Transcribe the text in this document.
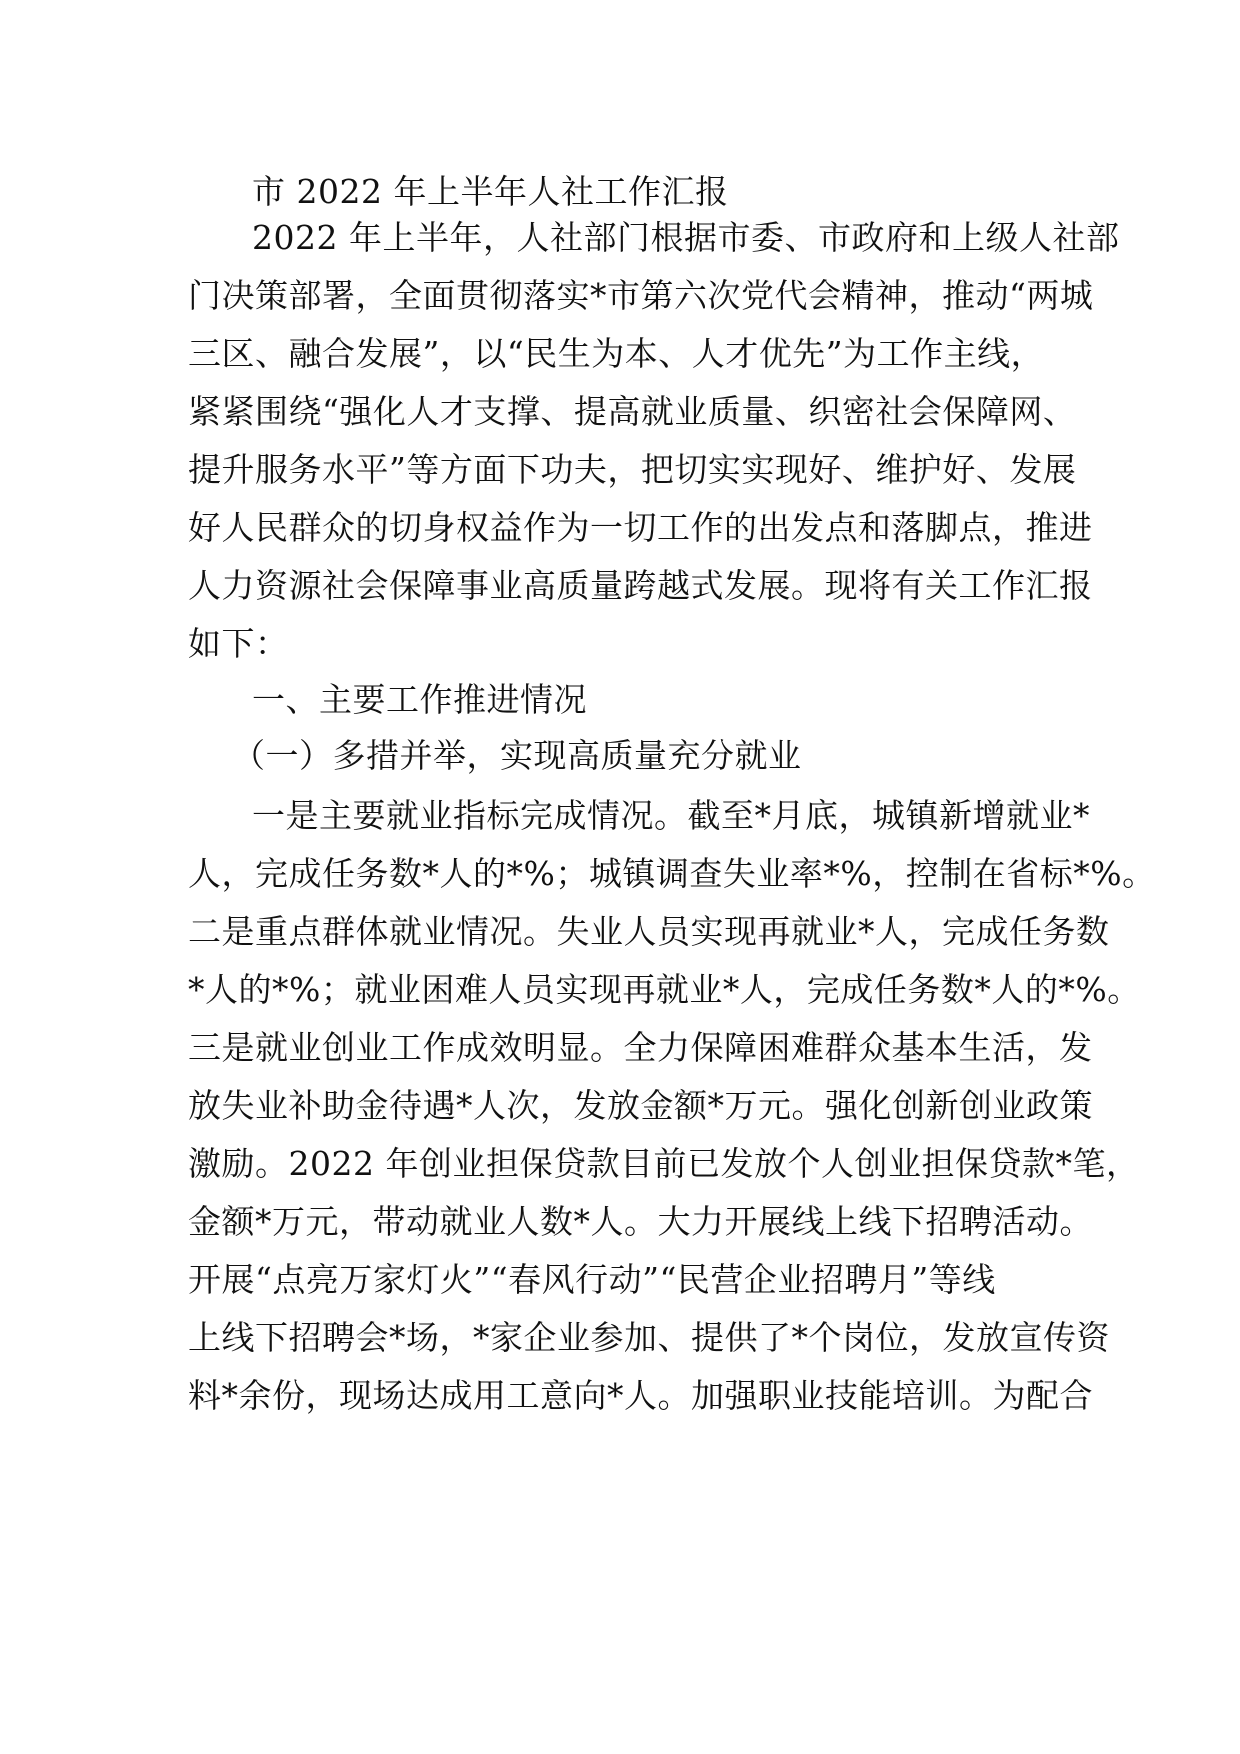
市 2022 年上半年人社工作汇报
2022 年上半年，人社部门根据市委、市政府和上级人社部
门决策部署，全面贯彻落实*市第六次党代会精神，推动“两城
三区、融合发展”，以“民生为本、人才优先”为工作主线，
紧紧围绕“强化人才支撑、提高就业质量、织密社会保障网、
提升服务水平”等方面下功夫，把切实实现好、维护好、发展
好人民群众的切身权益作为一切工作的出发点和落脚点，推进
人力资源社会保障事业高质量跨越式发展。现将有关工作汇报
如下：
一、主要工作推进情况
（一）多措并举，实现高质量充分就业
一是主要就业指标完成情况。截至*月底，城镇新增就业*
人，完成任务数*人的*%；城镇调查失业率*%，控制在省标*%。
二是重点群体就业情况。失业人员实现再就业*人，完成任务数
*人的*%；就业困难人员实现再就业*人，完成任务数*人的*%。
三是就业创业工作成效明显。全力保障困难群众基本生活，发
放失业补助金待遇*人次，发放金额*万元。强化创新创业政策
激励。2022 年创业担保贷款目前已发放个人创业担保贷款*笔，
金额*万元，带动就业人数*人。大力开展线上线下招聘活动。
开展“点亮万家灯火”“春风行动”“民营企业招聘月”等线
上线下招聘会*场，*家企业参加、提供了*个岗位，发放宣传资
料*余份，现场达成用工意向*人。加强职业技能培训。为配合
